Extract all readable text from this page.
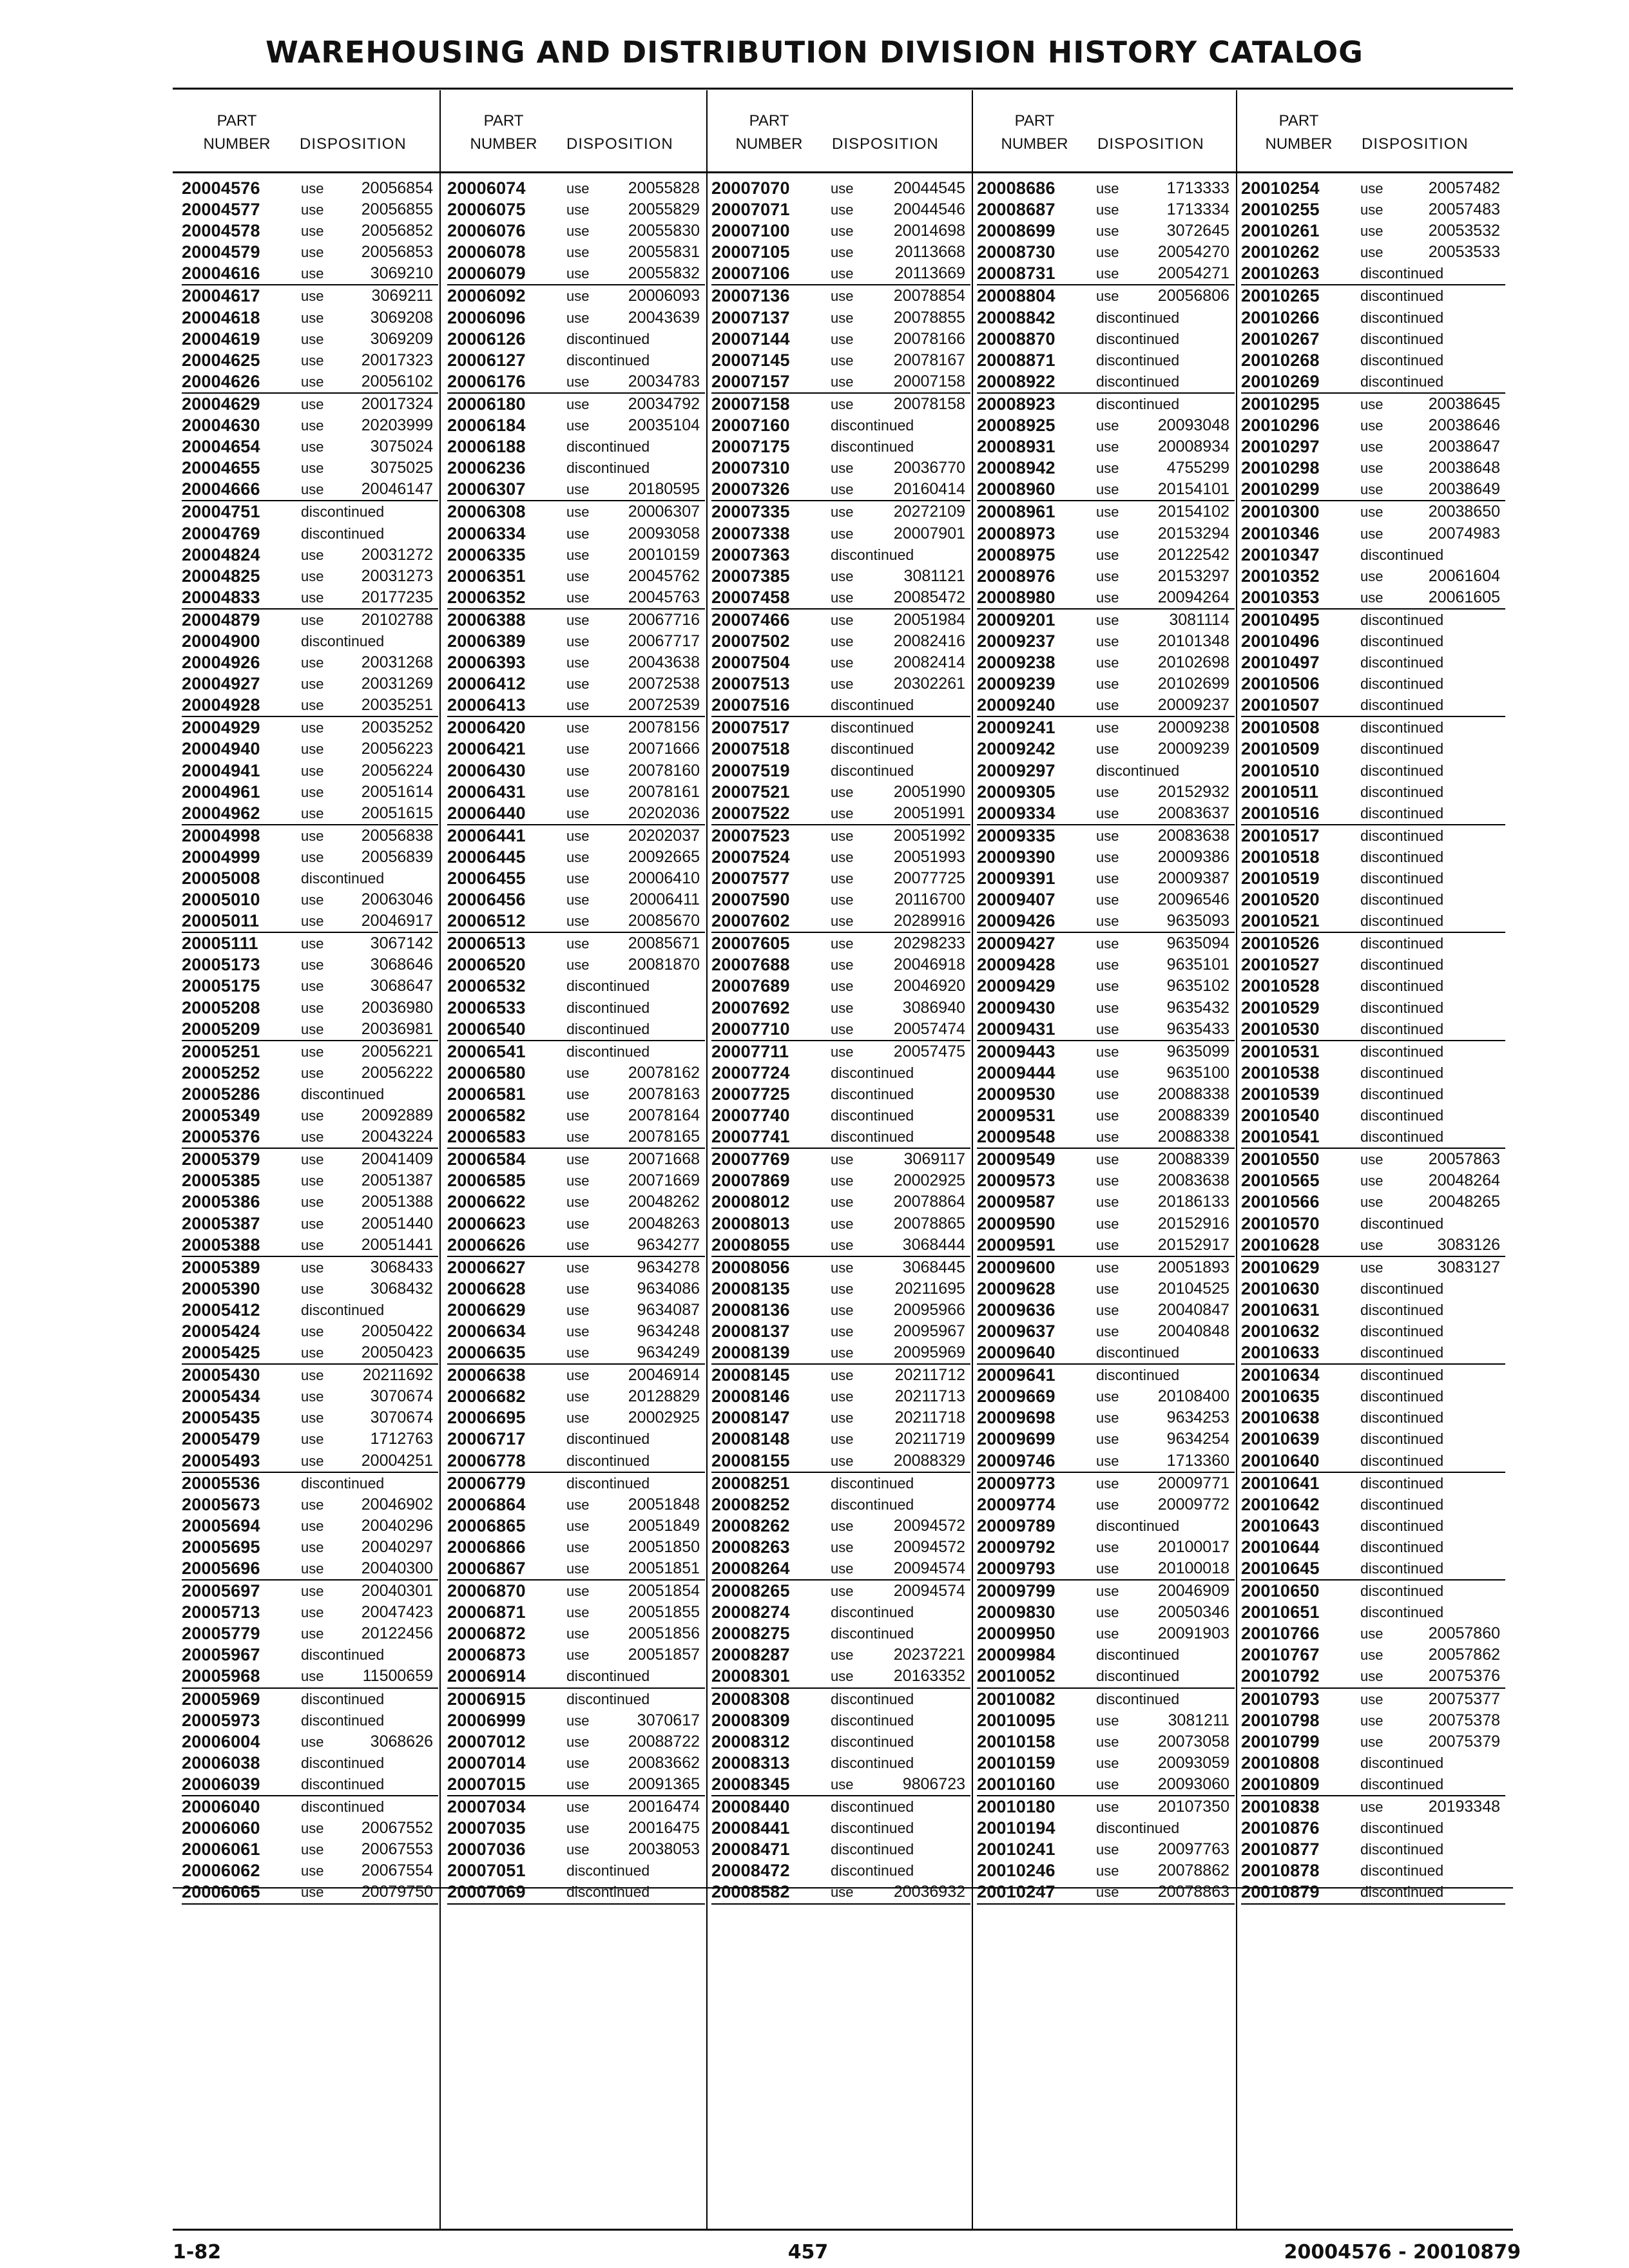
WAREHOUSING AND DISTRIBUTION DIVISION HISTORY CATALOG
PART
NUMBER	DISPOSITION
PART
NUMBER	DISPOSITION
PART
NUMBER	DISPOSITION
PART
NUMBER	DISPOSITION
PART
NUMBER	DISPOSITION
20004576	use 20056854
20004577	use 20056855
20004578	use 20056852
20004579	use 20056853
20004616	use	3069210
20004617	use	3069211
20004618	use	3069208
20004619	use	3069209
20004625	use 20017323
20004626	use 20056102
20004629	use 20017324
20004630	use 20203999
20004654	use	3075024
20004655	use	3075025
20004666	use 20046147
20004751	discontinued
20004769	discontinued
20004824	use 20031272
20004825	use 20031273
20004833	use 20177235
20004879	use 20102788
20004900	discontinued
20004926	use 20031268
20004927	use 20031269
20004928	use 20035251
20004929	use 20035252
20004940	use 20056223
20004941	use 20056224
20004961	use 20051614
20004962	use 20051615
20004998	use 20056838
20004999	use 20056839
20005008	discontinued
20005010	use 20063046
20005011	use 20046917
20005111	use	3067142
20005173	use	3068646
20005175	use	3068647
20005208	use 20036980
20005209	use 20036981
20005251	use 20056221
20005252	use 20056222
20005286	discontinued
20005349	use 20092889
20005376	use 20043224
20005379	use 20041409
20005385	use 20051387
20005386	use 20051388
20005387	use 20051440
20005388	use 20051441
20005389	use	3068433
20005390	use	3068432
20005412	discontinued
20005424	use 20050422
20005425	use 20050423
20005430	use 20211692
20005434	use	3070674
20005435	use	3070674
20005479	use	1712763
20005493	use 20004251
20005536	discontinued
20005673	use 20046902
20005694	use 20040296
20005695	use 20040297
20005696	use 20040300
20005697	use 20040301
20005713	use 20047423
20005779	use 20122456
20005967	discontinued
20005968	use 11500659
20005969	discontinued
20005973	discontinued
20006004	use	3068626
20006038	discontinued
20006039	discontinued
20006040	discontinued
20006060	use 20067552
20006061	use 20067553
20006062	use 20067554
20006065	use 20079750
20006074	use 20055828
20006075	use 20055829
20006076	use 20055830
20006078	use 20055831
20006079	use 20055832
20006092	use 20006093
20006096	use 20043639
20006126	discontinued
20006127	discontinued
20006176	use 20034783
20006180	use 20034792
20006184	use 20035104
20006188	discontinued
20006236	discontinued
20006307	use 20180595
20006308	use 20006307
20006334	use 20093058
20006335	use 20010159
20006351	use 20045762
20006352	use 20045763
20006388	use 20067716
20006389	use 20067717
20006393	use 20043638
20006412	use 20072538
20006413	use 20072539
20006420	use 20078156
20006421	use 20071666
20006430	use 20078160
20006431	use 20078161
20006440	use 20202036
20006441	use 20202037
20006445	use 20092665
20006455	use 20006410
20006456	use 20006411
20006512	use 20085670
20006513	use 20085671
20006520	use 20081870
20006532	discontinued
20006533	discontinued
20006540	discontinued
20006541	discontinued
20006580	use 20078162
20006581	use 20078163
20006582	use 20078164
20006583	use 20078165
20006584	use 20071668
20006585	use 20071669
20006622	use 20048262
20006623	use 20048263
20006626	use	9634277
20006627	use	9634278
20006628	use	9634086
20006629	use	9634087
20006634	use	9634248
20006635	use	9634249
20006638	use 20046914
20006682	use 20128829
20006695	use 20002925
20006717	discontinued
20006778	discontinued
20006779	discontinued
20006864	use 20051848
20006865	use 20051849
20006866	use 20051850
20006867	use 20051851
20006870	use 20051854
20006871	use 20051855
20006872	use 20051856
20006873	use 20051857
20006914	discontinued
20006915	discontinued
20006999	use	3070617
20007012	use 20088722
20007014	use 20083662
20007015	use 20091365
20007034	use 20016474
20007035	use 20016475
20007036	use 20038053
20007051	discontinued
20007069	discontinued
20007070	use 20044545
20007071	use 20044546
20007100	use 20014698
20007105	use	20113668
20007106	use	20113669
20007136	use 20078854
20007137	use 20078855
20007144	use 20078166
20007145	use 20078167
20007157	use 20007158
20007158	use 20078158
20007160	discontinued
20007175	discontinued
20007310	use 20036770
20007326	use 20160414
20007335	use 20272109
20007338	use 20007901
20007363	discontinued
20007385	use	3081121
20007458	use 20085472
20007466	use 20051984
20007502	use 20082416
20007504	use 20082414
20007513	use 20302261
20007516	discontinued
20007517	discontinued
20007518	discontinued
20007519	discontinued
20007521	use 20051990
20007522	use 20051991
20007523	use 20051992
20007524	use 20051993
20007577	use 20077725
20007590	use	20116700
20007602	use 20289916
20007605	use 20298233
20007688	use 20046918
20007689	use 20046920
20007692	use	3086940
20007710	use 20057474
20007711	use 20057475
20007724	discontinued
20007725	discontinued
20007740	discontinued
20007741	discontinued
20007769	use	3069117
20007869	use 20002925
20008012	use 20078864
20008013	use 20078865
20008055	use	3068444
20008056	use	3068445
20008135	use	20211695
20008136	use 20095966
20008137	use 20095967
20008139	use 20095969
20008145	use	20211712
20008146	use	20211713
20008147	use	20211718
20008148	use	20211719
20008155	use 20088329
20008251	discontinued
20008252	discontinued
20008262	use 20094572
20008263	use 20094572
20008264	use 20094574
20008265	use 20094574
20008274	discontinued
20008275	discontinued
20008287	use 20237221
20008301	use 20163352
20008308	discontinued
20008309	discontinued
20008312	discontinued
20008313	discontinued
20008345	use	9806723
20008440	discontinued
20008441	discontinued
20008471	discontinued
20008472	discontinued
20008582	use 20036932
20008686	use	1713333
20008687	use	1713334
20008699	use	3072645
20008730	use 20054270
20008731	use 20054271
20008804	use 20056806
20008842	discontinued
20008870	discontinued
20008871	discontinued
20008922	discontinued
20008923	discontinued
20008925	use 20093048
20008931	use 20008934
20008942	use	4755299
20008960	use 20154101
20008961	use 20154102
20008973	use 20153294
20008975	use 20122542
20008976	use 20153297
20008980	use 20094264
20009201	use	3081114
20009237	use 20101348
20009238	use 20102698
20009239	use 20102699
20009240	use 20009237
20009241	use 20009238
20009242	use 20009239
20009297	discontinued
20009305	use 20152932
20009334	use 20083637
20009335	use 20083638
20009390	use 20009386
20009391	use 20009387
20009407	use 20096546
20009426	use	9635093
20009427	use	9635094
20009428	use	9635101
20009429	use	9635102
20009430	use	9635432
20009431	use	9635433
20009443	use	9635099
20009444	use	9635100
20009530	use 20088338
20009531	use 20088339
20009548	use 20088338
20009549	use 20088339
20009573	use 20083638
20009587	use 20186133
20009590	use 20152916
20009591	use 20152917
20009600	use 20051893
20009628	use 20104525
20009636	use 20040847
20009637	use 20040848
20009640	discontinued
20009641	discontinued
20009669	use 20108400
20009698	use	9634253
20009699	use	9634254
20009746	use	1713360
20009773	use 20009771
20009774	use 20009772
20009789	discontinued
20009792	use 20100017
20009793	use 20100018
20009799	use 20046909
20009830	use 20050346
20009950	use 20091903
20009984	discontinued
20010052	discontinued
20010082	discontinued
20010095	use	3081211
20010158	use 20073058
20010159	use 20093059
20010160	use 20093060
20010180	use 20107350
20010194	discontinued
20010241	use 20097763
20010246	use 20078862
20010247	use 20078863
20010254	use	20057482
20010255	use	20057483
20010261	use	20053532
20010262	use	20053533
20010263	discontinued
20010265	discontinued
20010266	discontinued
20010267	discontinued
20010268	discontinued
20010269	discontinued
20010295	use	20038645
20010296	use	20038646
20010297	use	20038647
20010298	use	20038648
20010299	use	20038649
20010300	use	20038650
20010346	use	20074983
20010347	discontinued
20010352	use	20061604
20010353	use	20061605
20010495	discontinued
20010496	discontinued
20010497	discontinued
20010506	discontinued
20010507	discontinued
20010508	discontinued
20010509	discontinued
20010510	discontinued
20010511	discontinued
20010516	discontinued
20010517	discontinued
20010518	discontinued
20010519	discontinued
20010520	discontinued
20010521	discontinued
20010526	discontinued
20010527	discontinued
20010528	discontinued
20010529	discontinued
20010530	discontinued
20010531	discontinued
20010538	discontinued
20010539	discontinued
20010540	discontinued
20010541	discontinued
20010550	use	20057863
20010565	use	20048264
20010566	use	20048265
20010570	discontinued
20010628	use	3083126
20010629	use	3083127
20010630	discontinued
20010631	discontinued
20010632	discontinued
20010633	discontinued
20010634	discontinued
20010635	discontinued
20010638	discontinued
20010639	discontinued
20010640	discontinued
20010641	discontinued
20010642	discontinued
20010643	discontinued
20010644	discontinued
20010645	discontinued
20010650	discontinued
20010651	discontinued
20010766	use	20057860
20010767	use	20057862
20010792	use	20075376
20010793	use	20075377
20010798	use	20075378
20010799	use	20075379
20010808	discontinued
20010809	discontinued
20010838	use	20193348
20010876	discontinued
20010877	discontinued
20010878	discontinued
20010879	discontinued
1-82	457	20004576 - 20010879
